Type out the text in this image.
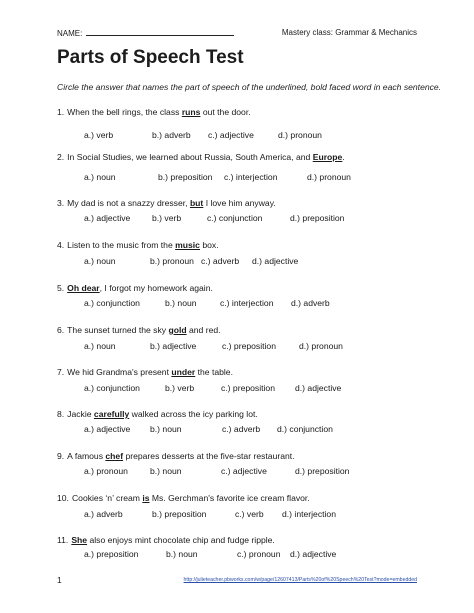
NAME:	Mastery class: Grammar & Mechanics
Parts of Speech Test
Circle the answer that names the part of speech of the underlined, bold faced word in each sentence.
1. When the bell rings, the class runs out the door.
a.) verb	b.) adverb c.) adjective	d.) pronoun
2. In Social Studies, we learned about Russia, South America, and Europe.
a.) noun	b.) preposition c.) interjection	d.) pronoun
3. My dad is not a snazzy dresser, but I love him anyway.
a.) adjective	b.) verb	c.) conjunction	d.) preposition
4. Listen to the music from the music box.
a.) noun	b.) pronoun c.) adverb d.) adjective
5. Oh dear, I forgot my homework again.
a.) conjunction	b.) noun	c.) interjection d.) adverb
6. The sunset turned the sky gold and red.
a.) noun	b.) adjective	c.) preposition	d.) pronoun
7. We hid Grandma's present under the table.
a.) conjunction	b.) verb	c.) preposition d.) adjective
8. Jackie carefully walked across the icy parking lot.
a.) adjective b.) noun	c.) adverb d.) conjunction
9. A famous chef prepares desserts at the five-star restaurant.
a.) pronoun	b.) noun	c.) adjective	d.) preposition
10. Cookies ‘n’ cream is Ms. Gerchman's favorite ice cream flavor.
a.) adverb	b.) preposition	c.) verb d.) interjection
11. She also enjoys mint chocolate chip and fudge ripple.
a.) preposition	b.) noun	c.) pronoun d.) adjective
1	http://julieteacher.pbworks.com/w/page/12607413/Parts%20of%20Speech%20Test?mode=embedded
